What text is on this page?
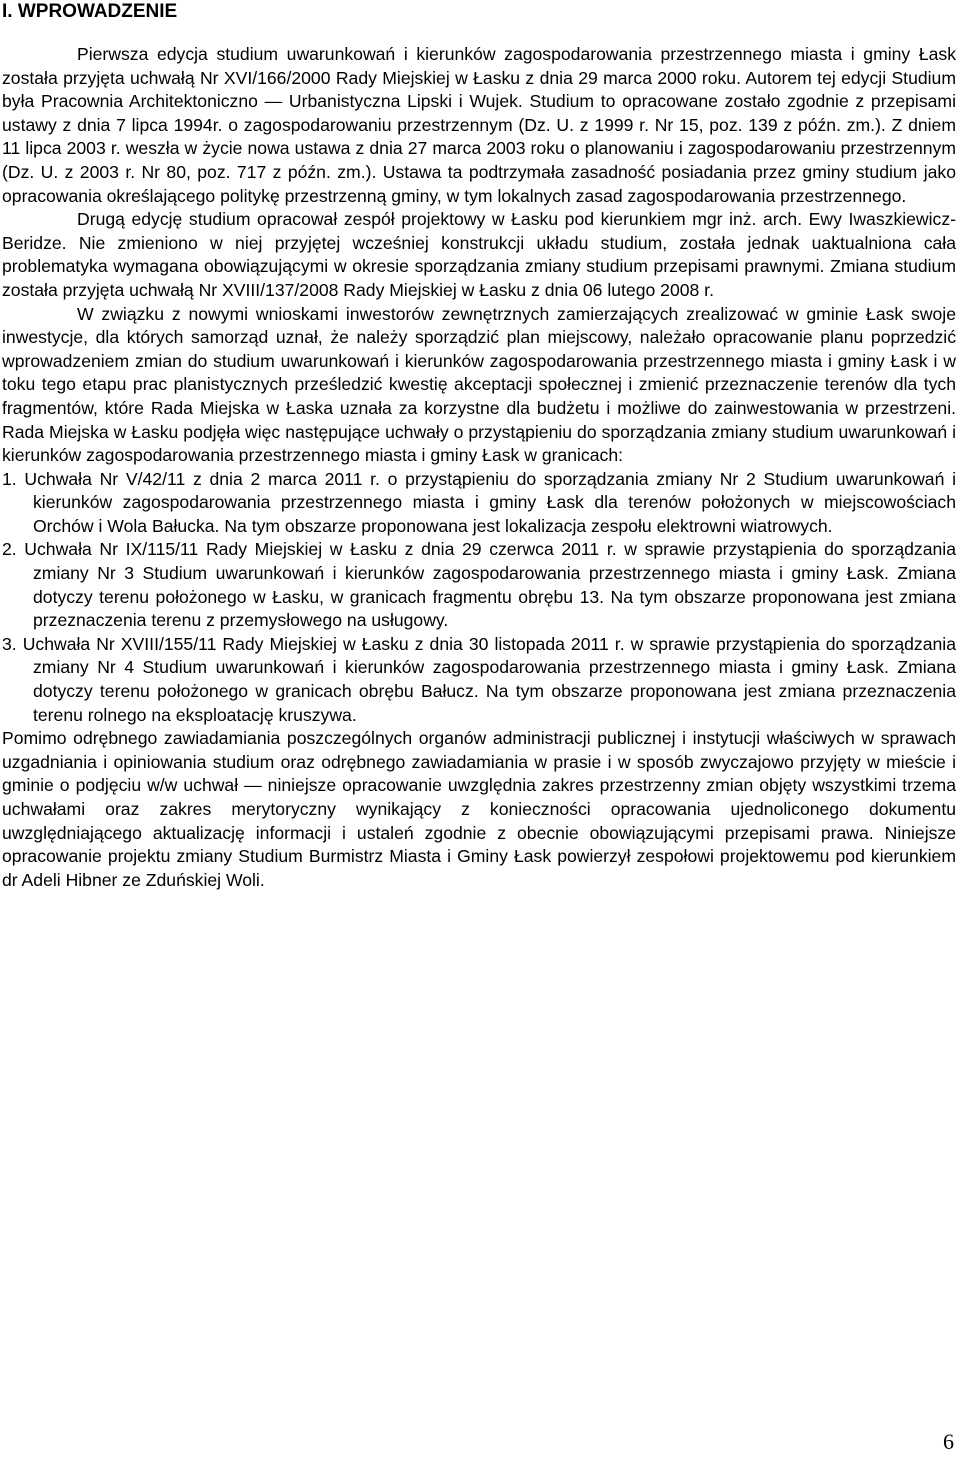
I. WPROWADZENIE

Pierwsza edycja studium uwarunkowań i kierunków zagospodarowania przestrzennego miasta i gminy Łask została przyjęta uchwałą Nr XVI/166/2000 Rady Miejskiej w Łasku z dnia 29 marca 2000 roku. Autorem tej edycji Studium była Pracownia Architektoniczno ― Urbanistyczna Lipski i Wujek. Studium to opracowane zostało zgodnie z przepisami ustawy z dnia 7 lipca 1994r. o zagospodarowaniu przestrzennym (Dz. U. z 1999 r. Nr 15, poz. 139 z późn. zm.). Z dniem 11 lipca 2003 r. weszła w życie nowa ustawa z dnia 27 marca 2003 roku o planowaniu i zagospodarowaniu przestrzennym (Dz. U. z 2003 r. Nr 80, poz. 717 z późn. zm.). Ustawa ta podtrzymała zasadność posiadania przez gminy studium jako opracowania określającego politykę przestrzenną gminy, w tym lokalnych zasad zagospodarowania przestrzennego.

Drugą edycję studium opracował zespół projektowy w Łasku pod kierunkiem mgr inż. arch. Ewy Iwaszkiewicz-Beridze. Nie zmieniono w niej przyjętej wcześniej konstrukcji układu studium, została jednak uaktualniona cała problematyka wymagana obowiązującymi w okresie sporządzania zmiany studium przepisami prawnymi. Zmiana studium została przyjęta uchwałą Nr XVIII/137/2008 Rady Miejskiej w Łasku z dnia 06 lutego 2008 r.

W związku z nowymi wnioskami inwestorów zewnętrznych zamierzających zrealizować w gminie Łask swoje inwestycje, dla których samorząd uznał, że należy sporządzić plan miejscowy, należało opracowanie planu poprzedzić wprowadzeniem zmian do studium uwarunkowań i kierunków zagospodarowania przestrzennego miasta i gminy Łask i w toku tego etapu prac planistycznych prześledzić kwestię akceptacji społecznej i zmienić przeznaczenie terenów dla tych fragmentów, które Rada Miejska w Łaska uznała za korzystne dla budżetu i możliwe do zainwestowania w przestrzeni. Rada Miejska w Łasku podjęła więc następujące uchwały o przystąpieniu do sporządzania zmiany studium uwarunkowań i kierunków zagospodarowania przestrzennego miasta i gminy Łask w granicach:

1. Uchwała Nr V/42/11 z dnia 2 marca 2011 r. o przystąpieniu do sporządzania zmiany Nr 2 Studium uwarunkowań i kierunków zagospodarowania przestrzennego miasta i gminy Łask dla terenów położonych w miejscowościach Orchów i Wola Bałucka. Na tym obszarze proponowana jest lokalizacja zespołu elektrowni wiatrowych.

2. Uchwała Nr IX/115/11 Rady Miejskiej w Łasku z dnia 29 czerwca 2011 r. w sprawie przystąpienia do sporządzania zmiany Nr 3 Studium uwarunkowań i kierunków zagospodarowania przestrzennego miasta i gminy Łask. Zmiana dotyczy terenu położonego w Łasku, w granicach fragmentu obrębu 13. Na tym obszarze proponowana jest zmiana przeznaczenia terenu z przemysłowego na usługowy.

3. Uchwała Nr XVIII/155/11 Rady Miejskiej w Łasku z dnia 30 listopada 2011 r. w sprawie przystąpienia do sporządzania zmiany Nr 4 Studium uwarunkowań i kierunków zagospodarowania przestrzennego miasta i gminy Łask. Zmiana dotyczy terenu położonego w granicach obrębu Bałucz. Na tym obszarze proponowana jest zmiana przeznaczenia terenu rolnego na eksploatację kruszywa.

Pomimo odrębnego zawiadamiania poszczególnych organów administracji publicznej i instytucji właściwych w sprawach uzgadniania i opiniowania studium oraz odrębnego zawiadamiania w prasie i w sposób zwyczajowo przyjęty w mieście i gminie o podjęciu w/w uchwał ― niniejsze opracowanie uwzględnia zakres przestrzenny zmian objęty wszystkimi trzema uchwałami oraz zakres merytoryczny wynikający z konieczności opracowania ujednoliconego dokumentu uwzględniającego aktualizację informacji i ustaleń zgodnie z obecnie obowiązującymi przepisami prawa. Niniejsze opracowanie projektu zmiany Studium Burmistrz Miasta i Gminy Łask powierzył zespołowi projektowemu pod kierunkiem dr Adeli Hibner ze Zduńskiej Woli.

6
